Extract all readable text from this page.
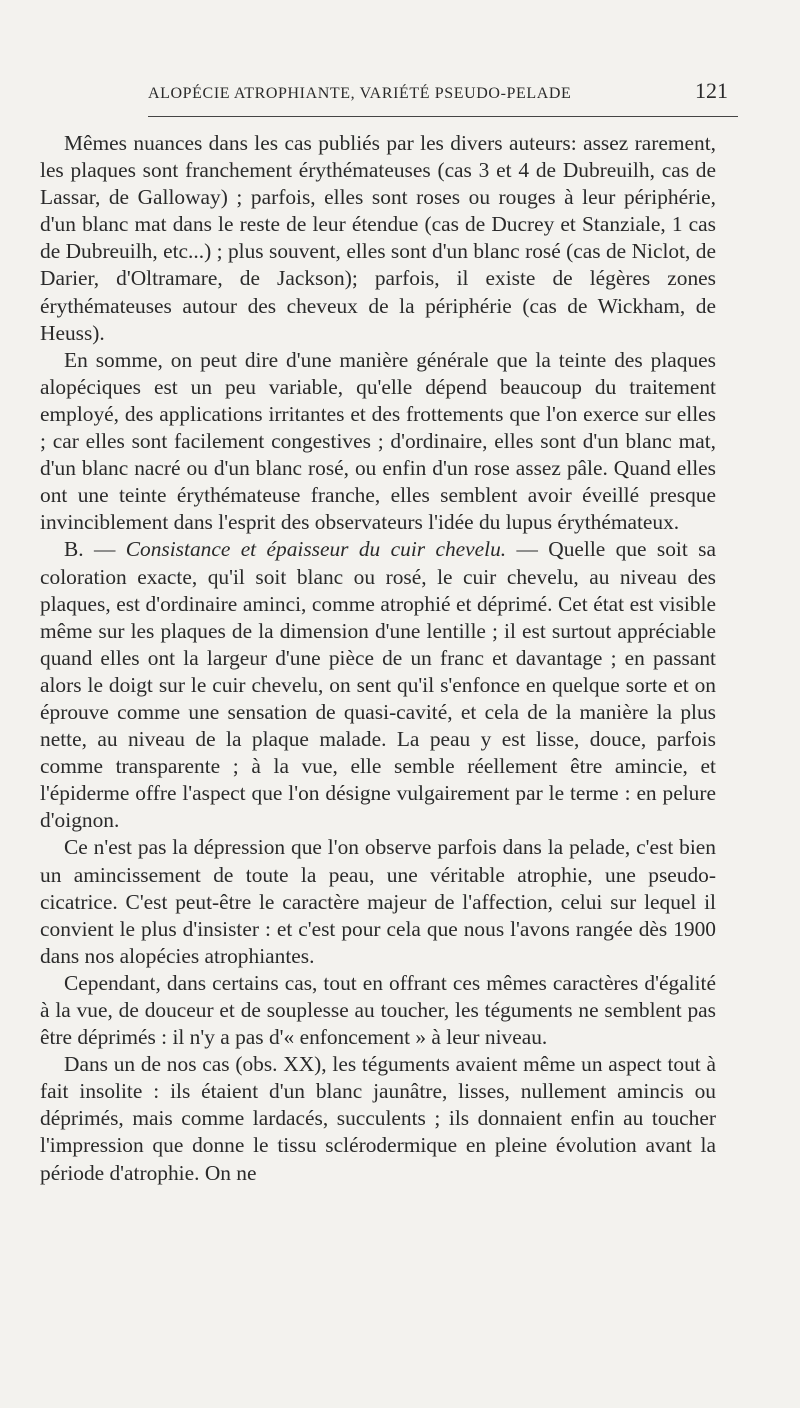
ALOPÉCIE ATROPHIANTE, VARIÉTÉ PSEUDO-PELADE	121

Mêmes nuances dans les cas publiés par les divers auteurs: assez rarement, les plaques sont franchement érythémateuses (cas 3 et 4 de Dubreuilh, cas de Lassar, de Galloway) ; parfois, elles sont roses ou rouges à leur périphérie, d'un blanc mat dans le reste de leur étendue (cas de Ducrey et Stanziale, 1 cas de Dubreuilh, etc...) ; plus souvent, elles sont d'un blanc rosé (cas de Niclot, de Darier, d'Oltramare, de Jackson); parfois, il existe de légères zones érythémateuses autour des cheveux de la périphérie (cas de Wickham, de Heuss).

En somme, on peut dire d'une manière générale que la teinte des plaques alopéciques est un peu variable, qu'elle dépend beaucoup du traitement employé, des applications irritantes et des frottements que l'on exerce sur elles ; car elles sont facilement congestives ; d'ordinaire, elles sont d'un blanc mat, d'un blanc nacré ou d'un blanc rosé, ou enfin d'un rose assez pâle. Quand elles ont une teinte érythémateuse franche, elles semblent avoir éveillé presque invinciblement dans l'esprit des observateurs l'idée du lupus érythémateux.

B. — Consistance et épaisseur du cuir chevelu. — Quelle que soit sa coloration exacte, qu'il soit blanc ou rosé, le cuir chevelu, au niveau des plaques, est d'ordinaire aminci, comme atrophié et déprimé. Cet état est visible même sur les plaques de la dimension d'une lentille ; il est surtout appréciable quand elles ont la largeur d'une pièce de un franc et davantage ; en passant alors le doigt sur le cuir chevelu, on sent qu'il s'enfonce en quelque sorte et on éprouve comme une sensation de quasi-cavité, et cela de la manière la plus nette, au niveau de la plaque malade. La peau y est lisse, douce, parfois comme transparente ; à la vue, elle semble réellement être amincie, et l'épiderme offre l'aspect que l'on désigne vulgairement par le terme : en pelure d'oignon.

Ce n'est pas la dépression que l'on observe parfois dans la pelade, c'est bien un amincissement de toute la peau, une véritable atrophie, une pseudo-cicatrice. C'est peut-être le caractère majeur de l'affection, celui sur lequel il convient le plus d'insister : et c'est pour cela que nous l'avons rangée dès 1900 dans nos alopécies atrophiantes.

Cependant, dans certains cas, tout en offrant ces mêmes caractères d'égalité à la vue, de douceur et de souplesse au toucher, les téguments ne semblent pas être déprimés : il n'y a pas d'« enfoncement » à leur niveau.

Dans un de nos cas (obs. XX), les téguments avaient même un aspect tout à fait insolite : ils étaient d'un blanc jaunâtre, lisses, nullement amincis ou déprimés, mais comme lardacés, succulents ; ils donnaient enfin au toucher l'impression que donne le tissu sclérodermique en pleine évolution avant la période d'atrophie. On ne
